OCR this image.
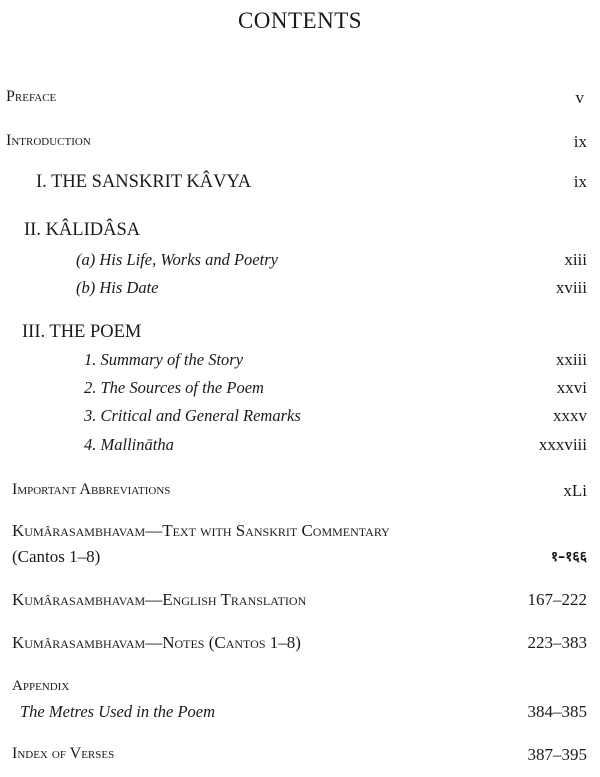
CONTENTS
Preface	v
Introduction	ix
I. THE SANSKRIT KÂVYA	ix
II. KÂLIDÂSA
(a) His Life, Works and Poetry	xiii
(b) His Date	xviii
III. THE POEM
1. Summary of the Story	xxiii
2. The Sources of the Poem	xxvi
3. Critical and General Remarks	xxxv
4. Mallinātha	xxxviii
Important Abbreviations	xLi
Kumârasambhavam—Text with Sanskrit Commentary
(Cantos 1–8)	१–१६६
Kumârasambhavam—English Translation	167–222
Kumârasambhavam—Notes (Cantos 1–8)	223–383
Appendix
The Metres Used in the Poem	384–385
Index of Verses	387–395
